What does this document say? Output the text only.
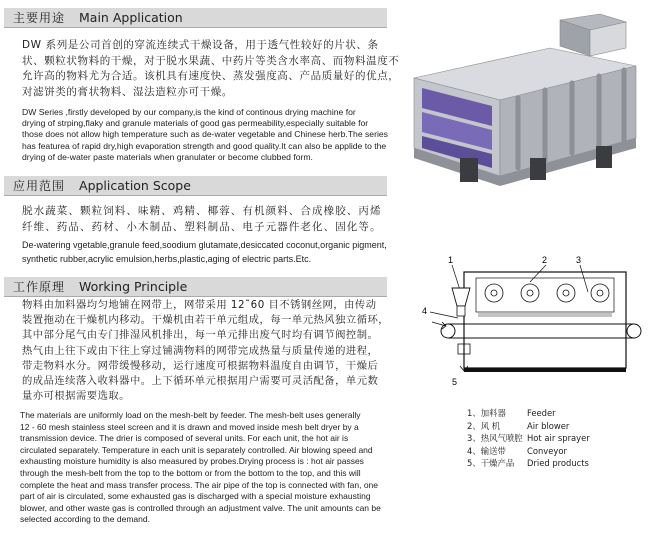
主要用途 Main Application
DW 系列是公司首创的穿流连续式干燥设备，用于透气性较好的片状、条
状、颗粒状物料的干燥，对于脱水果蔬、中药片等类含水率高、而物料温度不
允许高的物料尤为合适。该机具有速度快、蒸发强度高、产品质量好的优点，
对滤饼类的膏状物料、湿法造粒亦可干燥。
DW Series ,firstly developed by our company,is the kind of continous drying machine for
drying of strping,flaky and granule materials of good gas permeability,especially suitable for
those does not allow high temperature such as de-water vegetable and Chinese herb.The series
has featurea of rapid dry,high evaporation strength and good quality.It can also be applide to the
drying of de-water paste materials when granulater or become clubbed form.
应用范围 Application Scope
脱水蔬菜、颗粒饲料、味精、鸡精、椰蓉、有机颜料、合成橡胶、丙烯
纤维、药品、药材、小木制品、塑料制品、电子元器件老化、固化等。
De-watering vgetable,granule feed,soodium glutamate,desiccated coconut,organic pigment,
synthetic rubber,acrylic emulsion,herbs,plastic,aging of electric parts.Etc.
工作原理 Working Principle
物料由加料器均匀地铺在网带上，网带采用 12˜60 目不锈钢丝网，由传动
装置拖动在干燥机内移动。干燥机由若干单元组成，每一单元热风独立循环，
其中部分尾气由专门排湿风机排出，每一单元排出废气时均有调节阀控制。
热气由上往下或由下往上穿过铺满物料的网带完成热量与质量传递的进程，
带走物料水分。网带缓慢移动，运行速度可根据物料温度自由调节，干燥后
的成品连续落入收料器中。上下循环单元根据用户需要可灵活配备，单元数
量亦可根据需要选取。
The materials are uniformly load on the mesh-belt by feeder. The mesh-belt uses generally
12 - 60 mesh stainless steel screen and it is drawn and moved inside mesh belt dryer by a
transmission device. The drier is composed of several units. For each unit, the hot air is
circulated separately. Temperature in each unit is separately controlled. Air blowing speed and
exhausting moisture humidity is also measured by probes.Drying process is : hot air passes
through the mesh-belt from the top to the bottom or from the bottom to the top, and this will
complete the heat and mass transfer process. The air pipe of the top is connected with fan, one
part of air is circulated, some exhausted gas is discharged with a special moisture exhausting
blower, and other waste gas is controlled through an adjustment valve. The unit amounts can be
selected according to the demand.
1	2	3
4
5
1、加料器	Feeder
2、风 机	Air blower
3、热风气喷腔 Hot air sprayer
4、输送带	Conveyor
5、干燥产品	Dried products
